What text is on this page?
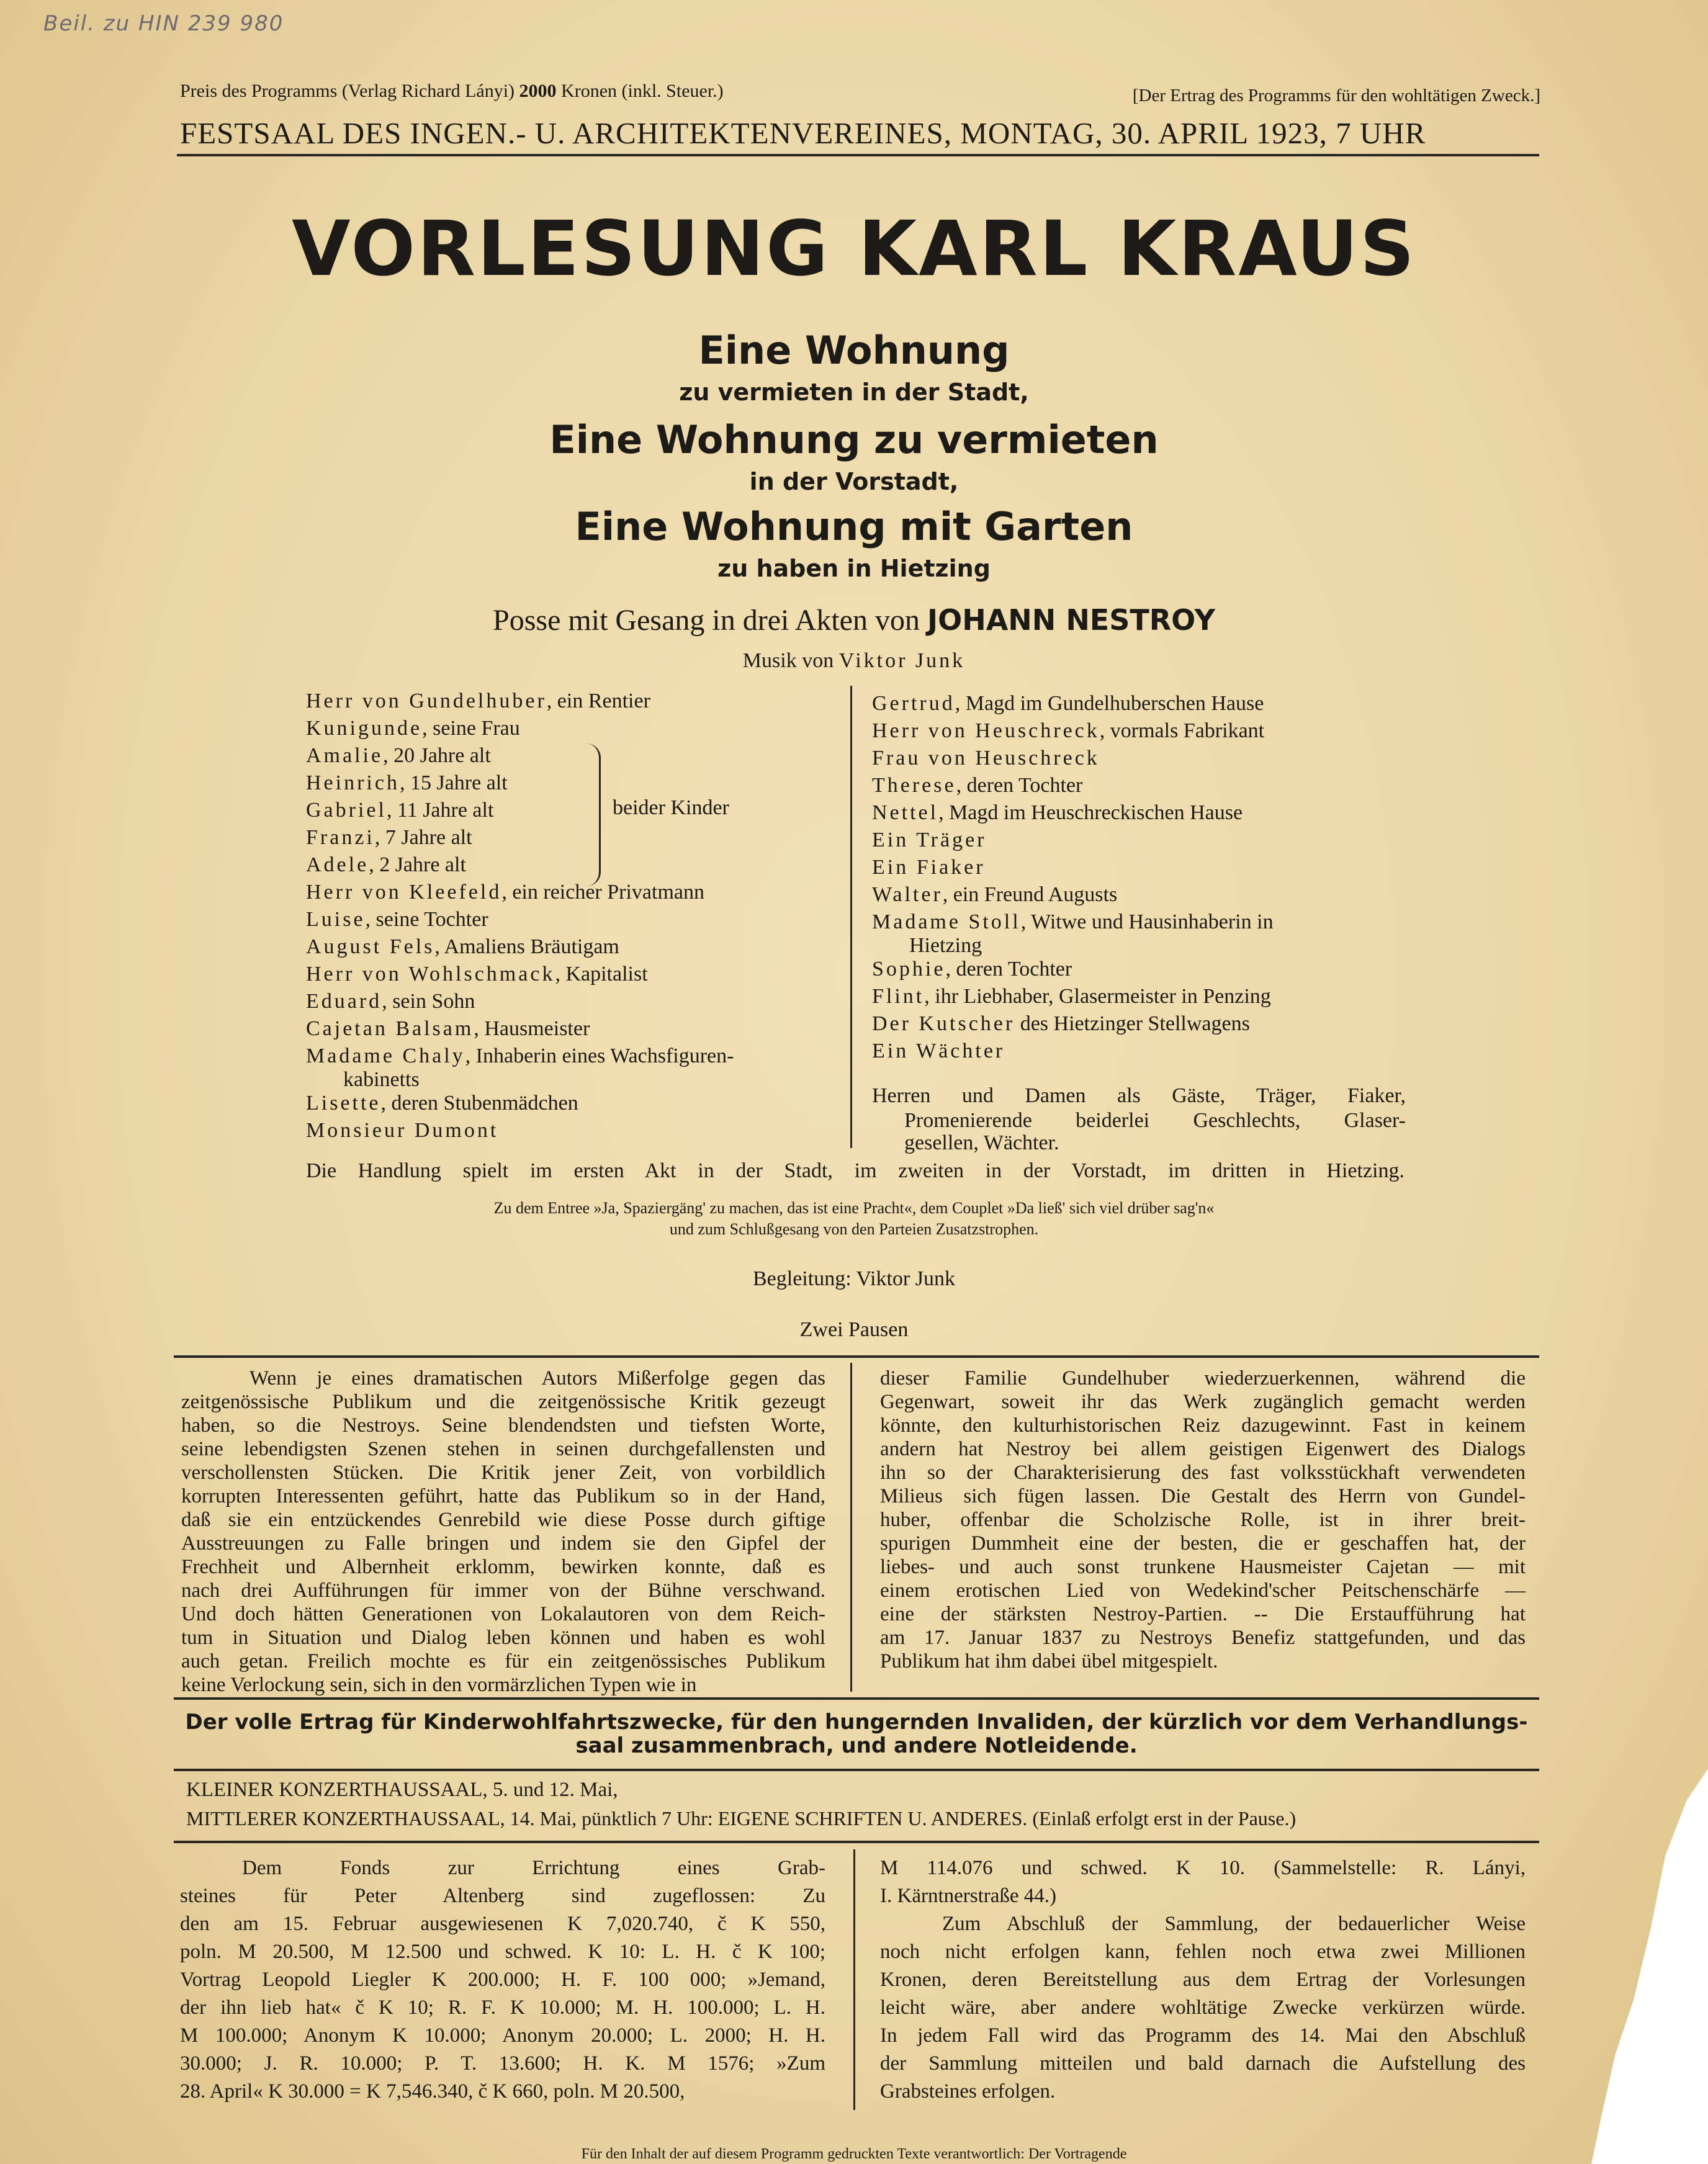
Beil. zu HIN 239 980
Preis des Programms (Verlag Richard Lányi) 2000 Kronen (inkl. Steuer.)	[Der Ertrag des Programms für den wohltätigen Zweck.]
FESTSAAL DES INGEN.- U. ARCHITEKTENVEREINES, MONTAG, 30. APRIL 1923, 7 UHR
VORLESUNG KARL KRAUS
Eine Wohnung
zu vermieten in der Stadt,
Eine Wohnung zu vermieten
in der Vorstadt,
Eine Wohnung mit Garten
zu haben in Hietzing
Posse mit Gesang in drei Akten von JOHANN NESTROY
Musik von Viktor Junk
Herr von Gundelhuber, ein Rentier
Kunigunde, seine Frau
Amalie, 20 Jahre alt
Heinrich, 15 Jahre alt
Gabriel, 11 Jahre alt
Franzi, 7 Jahre alt
Adele, 2 Jahre alt
Herr von Kleefeld, ein reicher Privatmann
Luise, seine Tochter
August Fels, Amaliens Bräutigam
Herr von Wohlschmack, Kapitalist
Eduard, sein Sohn
Cajetan Balsam, Hausmeister
Madame Chaly, Inhaberin eines Wachsfiguren-
kabinetts
Lisette, deren Stubenmädchen
Monsieur Dumont
beider Kinder
Gertrud, Magd im Gundelhuberschen Hause
Herr von Heuschreck, vormals Fabrikant
Frau von Heuschreck
Therese, deren Tochter
Nettel, Magd im Heuschreckischen Hause
Ein Träger
Ein Fiaker
Walter, ein Freund Augusts
Madame Stoll, Witwe und Hausinhaberin in
Hietzing
Sophie, deren Tochter
Flint, ihr Liebhaber, Glasermeister in Penzing
Der Kutscher des Hietzinger Stellwagens
Ein Wächter
Herren und Damen als Gäste, Träger, Fiaker,
Promenierende beiderlei Geschlechts, Glaser-
gesellen, Wächter.
Die Handlung spielt im ersten Akt in der Stadt, im zweiten in der Vorstadt, im dritten in Hietzing.
Zu dem Entree »Ja, Spaziergäng' zu machen, das ist eine Pracht«, dem Couplet »Da ließ' sich viel drüber sag'n«
und zum Schlußgesang von den Parteien Zusatzstrophen.
Begleitung: Viktor Junk
Zwei Pausen

Wenn je eines dramatischen Autors Mißerfolge gegen das

zeitgenössische Publikum und die zeitgenössische Kritik gezeugt

haben, so die Nestroys. Seine blendendsten und tiefsten Worte,

seine lebendigsten Szenen stehen in seinen durchgefallensten und

verschollensten Stücken. Die Kritik jener Zeit, von vorbildlich

korrupten Interessenten geführt, hatte das Publikum so in der Hand,

daß sie ein entzückendes Genrebild wie diese Posse durch giftige

Ausstreuungen zu Falle bringen und indem sie den Gipfel der

Frechheit und Albernheit erklomm, bewirken konnte, daß es

nach drei Aufführungen für immer von der Bühne verschwand.

Und doch hätten Generationen von Lokalautoren von dem Reich-

tum in Situation und Dialog leben können und haben es wohl

auch getan. Freilich mochte es für ein zeitgenössisches Publikum

keine Verlockung sein, sich in den vormärzlichen Typen wie in

dieser Familie Gundelhuber wiederzuerkennen, während die

Gegenwart, soweit ihr das Werk zugänglich gemacht werden

könnte, den kulturhistorischen Reiz dazugewinnt. Fast in keinem

andern hat Nestroy bei allem geistigen Eigenwert des Dialogs

ihn so der Charakterisierung des fast volksstückhaft verwendeten

Milieus sich fügen lassen. Die Gestalt des Herrn von Gundel-

huber, offenbar die Scholzische Rolle, ist in ihrer breit-

spurigen Dummheit eine der besten, die er geschaffen hat, der

liebes- und auch sonst trunkene Hausmeister Cajetan — mit

einem erotischen Lied von Wedekind'scher Peitschenschärfe —

eine der stärksten Nestroy-Partien. -- Die Erstaufführung hat

am 17. Januar 1837 zu Nestroys Benefiz stattgefunden, und das

Publikum hat ihm dabei übel mitgespielt.

Der volle Ertrag für Kinderwohlfahrtszwecke, für den hungernden Invaliden, der kürzlich vor dem Verhandlungs-
saal zusammenbrach, und andere Notleidende.
KLEINER KONZERTHAUSSAAL, 5. und 12. Mai,
MITTLERER KONZERTHAUSSAAL, 14. Mai, pünktlich 7 Uhr: EIGENE SCHRIFTEN U. ANDERES. (Einlaß erfolgt erst in der Pause.)

Dem Fonds zur Errichtung eines Grab-

steines für Peter Altenberg sind zugeflossen: Zu

den am 15. Februar ausgewiesenen K 7,020.740, č K 550,

poln. M 20.500, M 12.500 und schwed. K 10: L. H. č K 100;

Vortrag Leopold Liegler K 200.000; H. F. 100 000; »Jemand,

der ihn lieb hat« č K 10; R. F. K 10.000; M. H. 100.000; L. H.

M 100.000; Anonym K 10.000; Anonym 20.000; L. 2000; H. H.

30.000; J. R. 10.000; P. T. 13.600; H. K. M 1576; »Zum

28. April« K 30.000 = K 7,546.340, č K 660, poln. M 20.500,

M 114.076 und schwed. K 10. (Sammelstelle: R. Lányi,

I. Kärntnerstraße 44.)

Zum Abschluß der Sammlung, der bedauerlicher Weise

noch nicht erfolgen kann, fehlen noch etwa zwei Millionen

Kronen, deren Bereitstellung aus dem Ertrag der Vorlesungen

leicht wäre, aber andere wohltätige Zwecke verkürzen würde.

In jedem Fall wird das Programm des 14. Mai den Abschluß

der Sammlung mitteilen und bald darnach die Aufstellung des

Grabsteines erfolgen.

Für den Inhalt der auf diesem Programm gedruckten Texte verantwortlich: Der Vortragende
